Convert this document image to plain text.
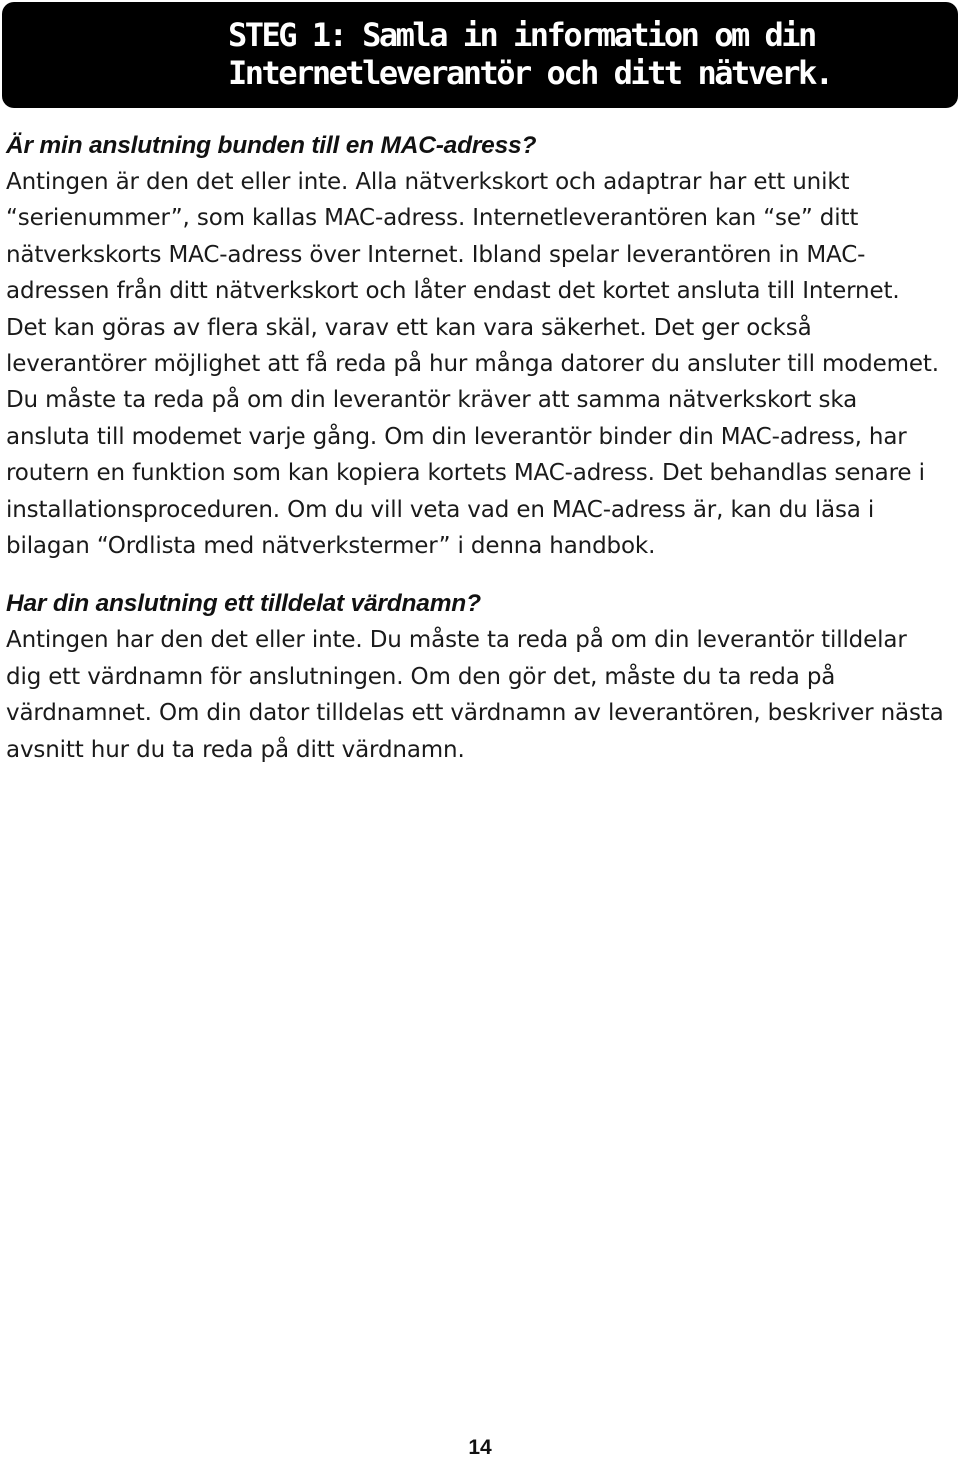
STEG 1: Samla in information om din
Internetleverantör och ditt nätverk.
Är min anslutning bunden till en MAC-adress?

Antingen är den det eller inte. Alla nätverkskort och adaptrar har ett unikt “serienummer”, som kallas MAC-adress. Internetleverantören kan “se” ditt nätverkskorts MAC-adress över Internet. Ibland spelar leverantören in MAC-adressen från ditt nätverkskort och låter endast det kortet ansluta till Internet. Det kan göras av flera skäl, varav ett kan vara säkerhet. Det ger också leverantörer möjlighet att få reda på hur många datorer du ansluter till modemet. Du måste ta reda på om din leverantör kräver att samma nätverkskort ska ansluta till modemet varje gång. Om din leverantör binder din MAC-adress, har routern en funktion som kan kopiera kortets MAC-adress. Det behandlas senare i installationsproceduren. Om du vill veta vad en MAC-adress är, kan du läsa i bilagan “Ordlista med nätverkstermer” i denna handbok.

Har din anslutning ett tilldelat värdnamn?

Antingen har den det eller inte. Du måste ta reda på om din leverantör tilldelar dig ett värdnamn för anslutningen. Om den gör det, måste du ta reda på värdnamnet. Om din dator tilldelas ett värdnamn av leverantören, beskriver nästa avsnitt hur du ta reda på ditt värdnamn.

14
